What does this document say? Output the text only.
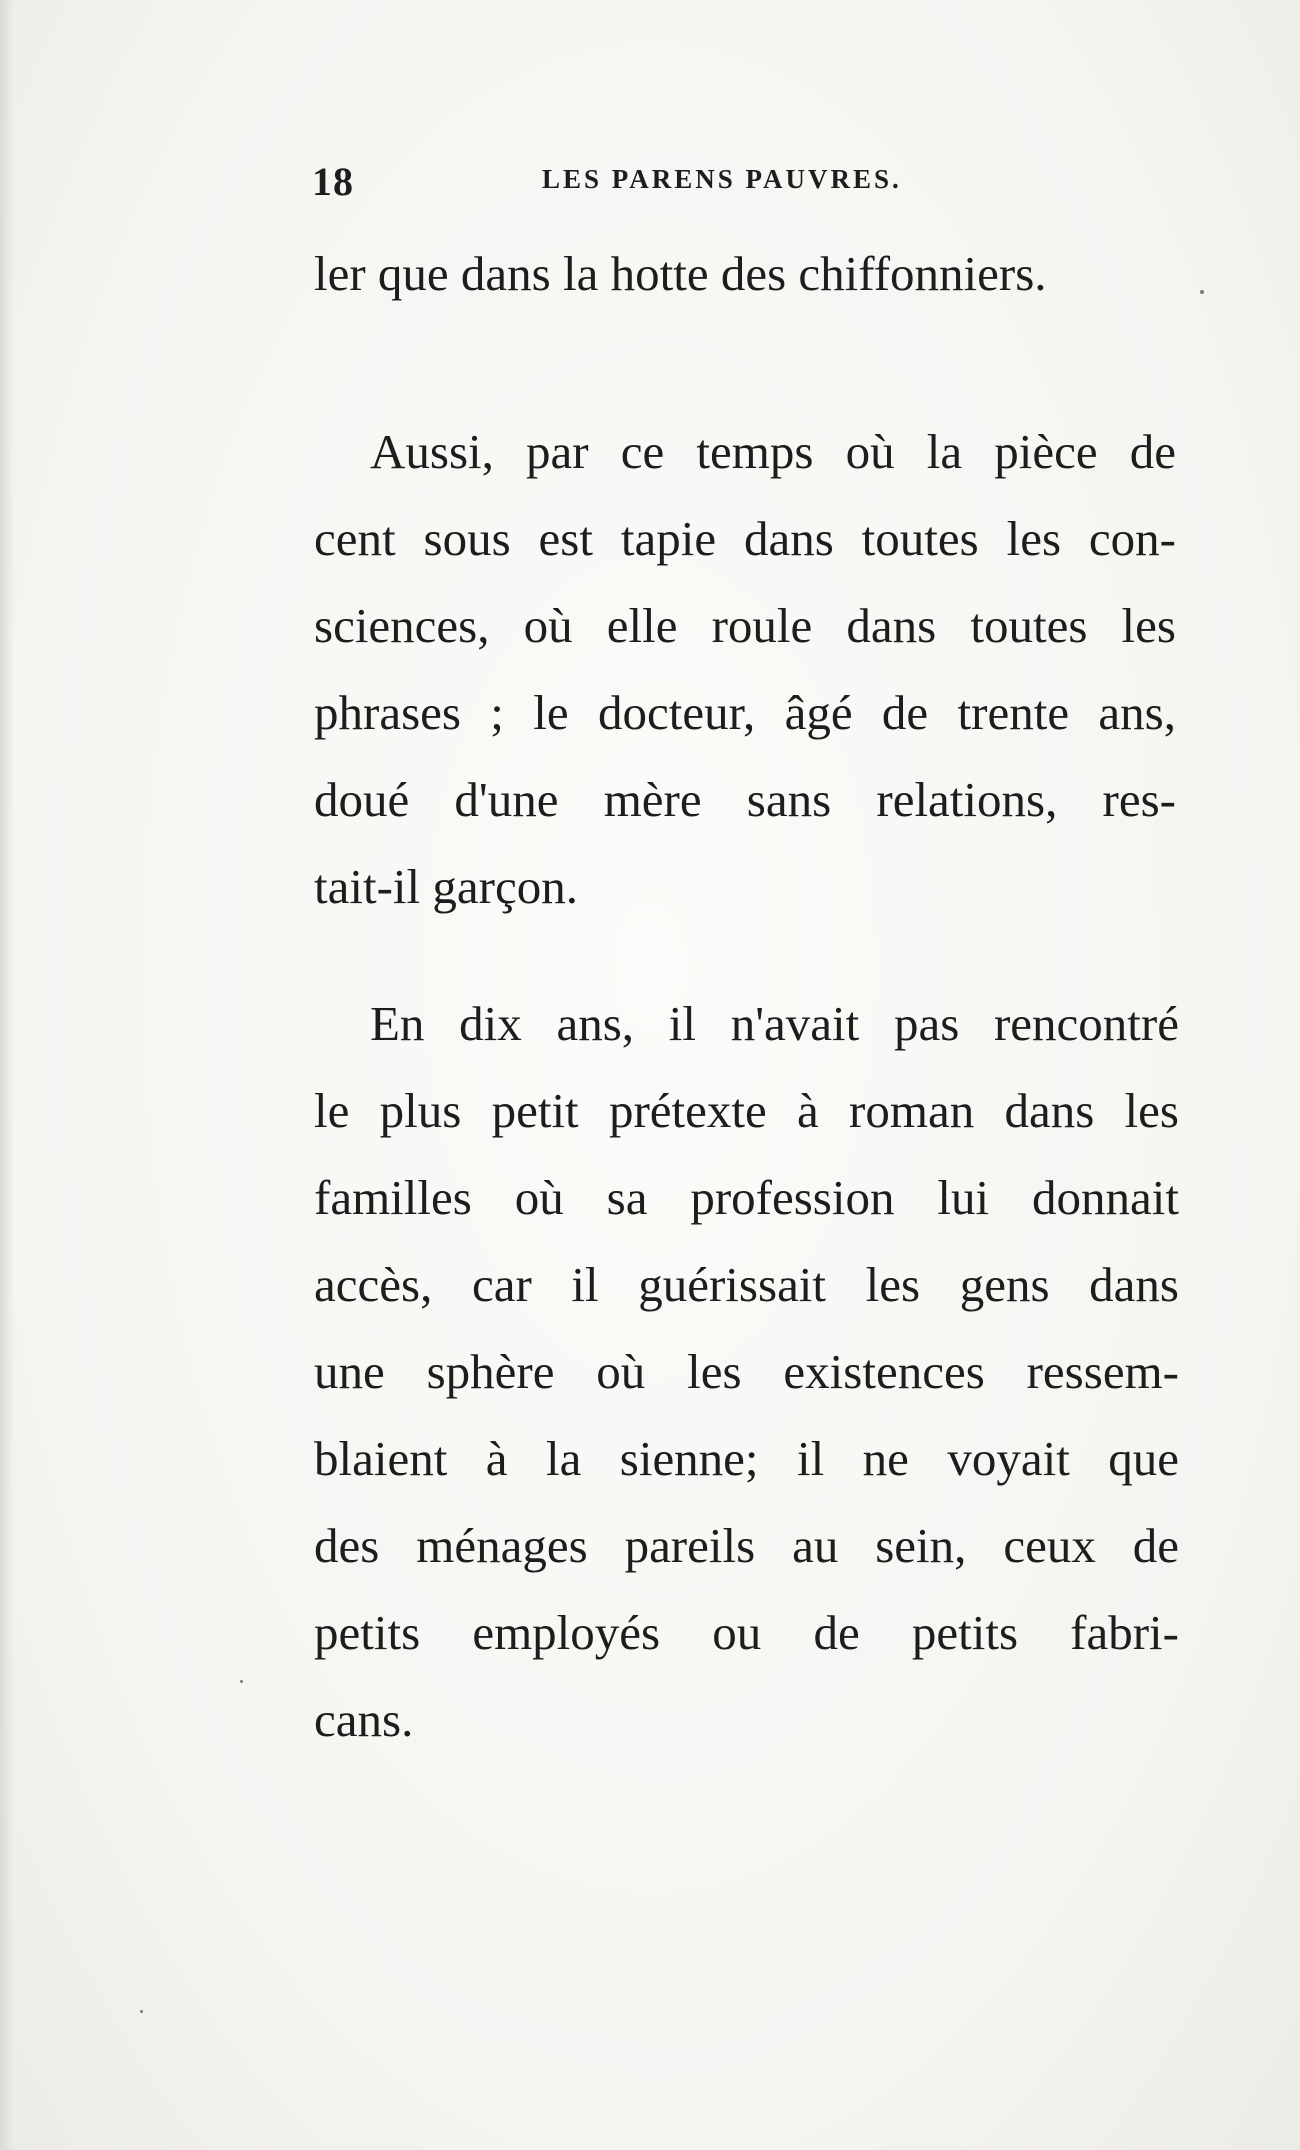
18	LES PARENS PAUVRES.
ler que dans la hotte des chiffonniers.
Aussi, par ce temps où la pièce de
cent sous est tapie dans toutes les con-
sciences, où elle roule dans toutes les
phrases ; le docteur, âgé de trente ans,
doué d'une mère sans relations, res-
tait-il garçon.
En dix ans, il n'avait pas rencontré
le plus petit prétexte à roman dans les
familles où sa profession lui donnait
accès, car il guérissait les gens dans
une sphère où les existences ressem-
blaient à la sienne; il ne voyait que
des ménages pareils au sein, ceux de
petits employés ou de petits fabri-
cans.
